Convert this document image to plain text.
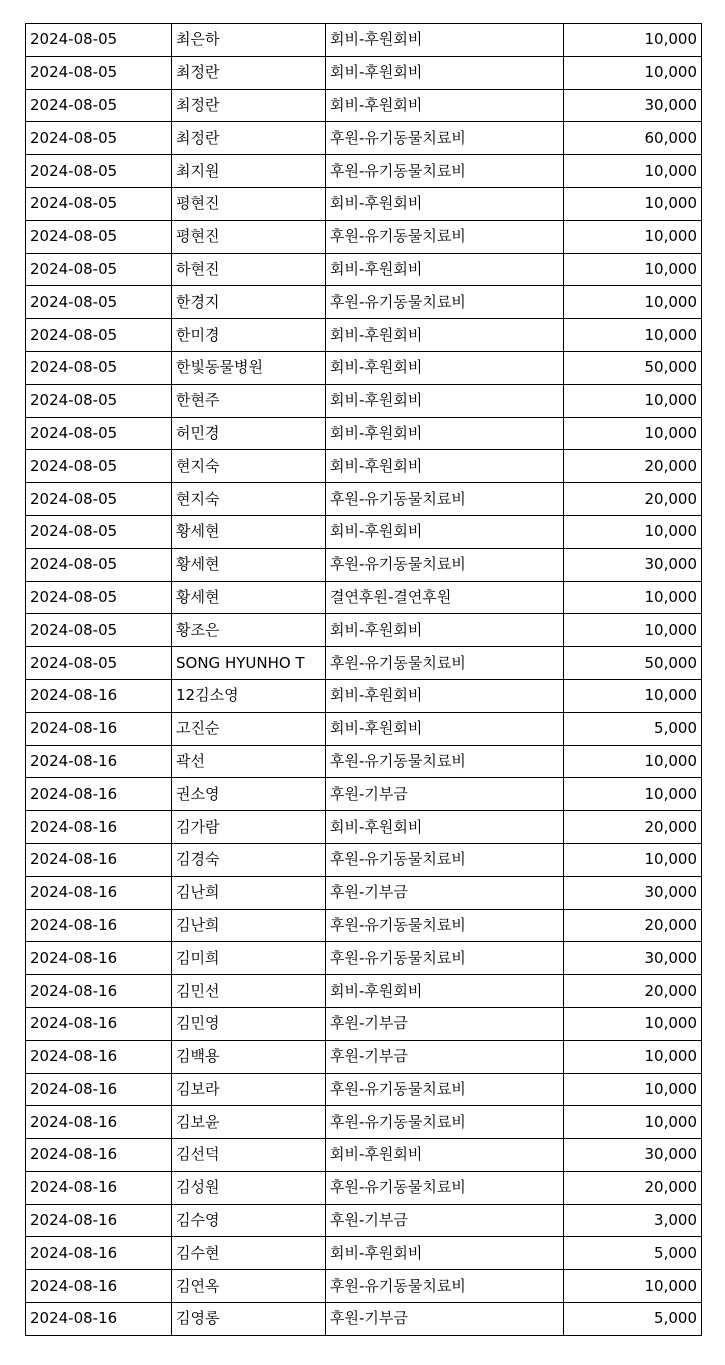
2024-08-05	최은하	회비-후원회비	10,000
2024-08-05	최정란	회비-후원회비	10,000
2024-08-05	최정란	회비-후원회비	30,000
2024-08-05	최정란	후원-유기동물치료비	60,000
2024-08-05	최지원	후원-유기동물치료비	10,000
2024-08-05	평현진	회비-후원회비	10,000
2024-08-05	평현진	후원-유기동물치료비	10,000
2024-08-05	하현진	회비-후원회비	10,000
2024-08-05	한경지	후원-유기동물치료비	10,000
2024-08-05	한미경	회비-후원회비	10,000
2024-08-05	한빛동물병원	회비-후원회비	50,000
2024-08-05	한현주	회비-후원회비	10,000
2024-08-05	허민경	회비-후원회비	10,000
2024-08-05	현지숙	회비-후원회비	20,000
2024-08-05	현지숙	후원-유기동물치료비	20,000
2024-08-05	황세현	회비-후원회비	10,000
2024-08-05	황세현	후원-유기동물치료비	30,000
2024-08-05	황세현	결연후원-결연후원	10,000
2024-08-05	황조은	회비-후원회비	10,000
2024-08-05	SONG HYUNHO T	후원-유기동물치료비	50,000
2024-08-16	12김소영	회비-후원회비	10,000
2024-08-16	고진순	회비-후원회비	5,000
2024-08-16	곽선	후원-유기동물치료비	10,000
2024-08-16	권소영	후원-기부금	10,000
2024-08-16	김가람	회비-후원회비	20,000
2024-08-16	김경숙	후원-유기동물치료비	10,000
2024-08-16	김난희	후원-기부금	30,000
2024-08-16	김난희	후원-유기동물치료비	20,000
2024-08-16	김미희	후원-유기동물치료비	30,000
2024-08-16	김민선	회비-후원회비	20,000
2024-08-16	김민영	후원-기부금	10,000
2024-08-16	김백용	후원-기부금	10,000
2024-08-16	김보라	후원-유기동물치료비	10,000
2024-08-16	김보윤	후원-유기동물치료비	10,000
2024-08-16	김선덕	회비-후원회비	30,000
2024-08-16	김성원	후원-유기동물치료비	20,000
2024-08-16	김수영	후원-기부금	3,000
2024-08-16	김수현	회비-후원회비	5,000
2024-08-16	김연옥	후원-유기동물치료비	10,000
2024-08-16	김영롱	후원-기부금	5,000
